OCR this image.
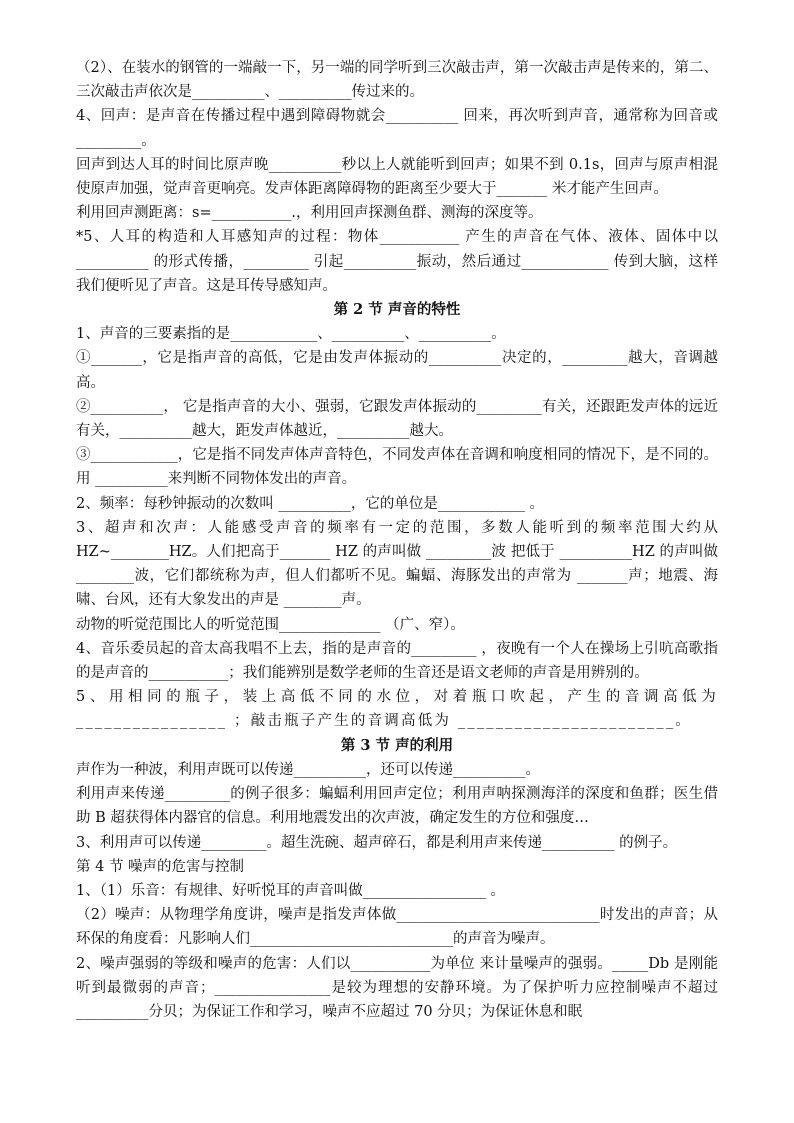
（2）、在装水的钢管的一端敲一下，另一端的同学听到三次敲击声，第一次敲击声是传来的，第二、三次敲击声依次是__________、__________传过来的。

4、回声：是声音在传播过程中遇到障碍物就会__________ 回来，再次听到声音，通常称为回音或_________。

回声到达人耳的时间比原声晚__________秒以上人就能听到回声；如果不到 0.1s，回声与原声相混使原声加强，觉声音更响亮。发声体距离障碍物的距离至少要大于_______ 米才能产生回声。

利用回声测距离：s=___________.，利用回声探测鱼群、测海的深度等。

*5、人耳的构造和人耳感知声的过程：物体___________ 产生的声音在气体、液体、固体中以__________ 的形式传播，_________ 引起__________振动，然后通过____________ 传到大脑，这样我们便听见了声音。这是耳传导感知声。

第 2 节 声音的特性

1、声音的三要素指的是____________、__________、__________。

①_______，它是指声音的高低，它是由发声体振动的__________决定的，_________越大，音调越高。

②__________， 它是指声音的大小、强弱，它跟发声体振动的_________有关，还跟距发声体的远近有关，__________越大，距发声体越近，__________越大。

③____________，它是指不同发声体声音特色，不同发声体在音调和响度相同的情况下，是不同的。用 __________来判断不同物体发出的声音。

2、频率：每秒钟振动的次数叫 __________，它的单位是____________ 。

3、超声和次声：人能感受声音的频率有一定的范围，多数人能听到的频率范围大约从HZ~________HZ。人们把高于_______ HZ 的声叫做 _________波 把低于 __________HZ 的声叫做 ________波，它们都统称为声，但人们都听不见。蝙蝠、海豚发出的声常为 _______声；地震、海啸、台风，还有大象发出的声是 ________声。

动物的听觉范围比人的听觉范围______________ （广、窄）。

4、音乐委员起的音太高我唱不上去，指的是声音的_________ ，夜晚有一个人在操场上引吭高歌指的是声音的___________；我们能辨别是数学老师的生音还是语文老师的声音是用辨别的。

5、用相同的瓶子，装上高低不同的水位，对着瓶口吹起，产生的音调高低为________________ ；敲击瓶子产生的音调高低为 _______________________。

第 3 节 声的利用

声作为一种波，利用声既可以传递__________，还可以传递__________。

利用声来传递_________的例子很多：蝙蝠利用回声定位；利用声呐探测海洋的深度和鱼群；医生借助 B 超获得体内器官的信息。利用地震发出的次声波，确定发生的方位和强度…

3、利用声可以传递_________。超生洗碗、超声碎石，都是利用声来传递__________ 的例子。

第 4 节 噪声的危害与控制

1、（1）乐音：有规律、好听悦耳的声音叫做_________________ 。

（2）噪声：从物理学角度讲，噪声是指发声体做____________________________时发出的声音；从环保的角度看：凡影响人们____________________________的声音为噪声。

2、噪声强弱的等级和噪声的危害：人们以___________为单位 来计量噪声的强弱。_____Db 是刚能听到最微弱的声音；________________是较为理想的安静环境。为了保护听力应控制噪声不超过 __________分贝；为保证工作和学习，噪声不应超过 70 分贝；为保证休息和眠
